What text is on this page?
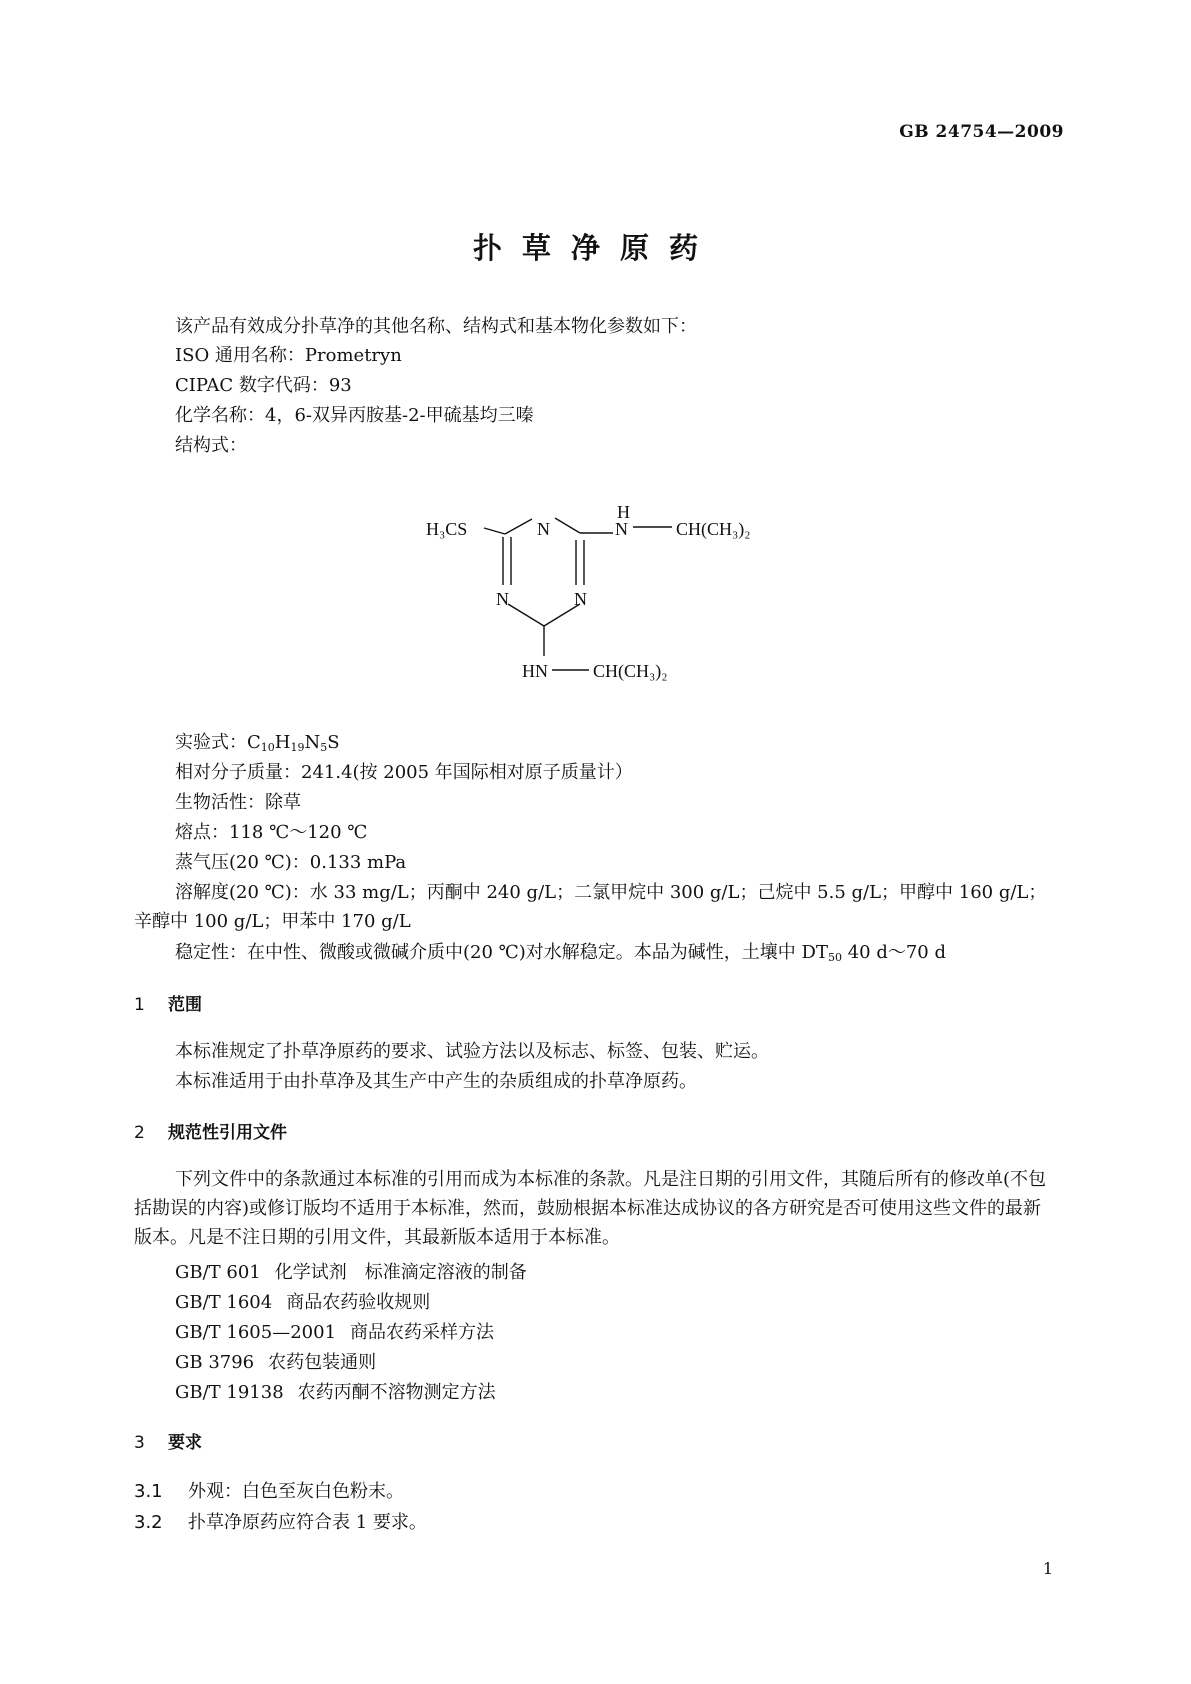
GB 24754—2009
扑草净原药
该产品有效成分扑草净的其他名称、结构式和基本物化参数如下：
ISO 通用名称：Prometryn
CIPAC 数字代码：93
化学名称：4，6-双异丙胺基-2-甲硫基均三嗪
结构式：
H₃CS	N
N	N
H
N	CH(CH₃)₂
HN	CH(CH₃)₂
实验式：$C_{10}H_{19}N_5S$
相对分子质量：241.4(按 2005 年国际相对原子质量计）
生物活性：除草
熔点：118 ℃～120 ℃
蒸气压(20 ℃)：0.133 mPa
溶解度(20 ℃)：水 33 mg/L；丙酮中 240 g/L；二氯甲烷中 300 g/L；己烷中 5.5 g/L；甲醇中 160 g/L；辛醇中 100 g/L；甲苯中 170 g/L
稳定性：在中性、微酸或微碱介质中(20 ℃)对水解稳定。本品为碱性，土壤中 $DT_{50}$ 40 d～70 d
1 范围
本标准规定了扑草净原药的要求、试验方法以及标志、标签、包装、贮运。
本标准适用于由扑草净及其生产中产生的杂质组成的扑草净原药。
2 规范性引用文件
下列文件中的条款通过本标准的引用而成为本标准的条款。凡是注日期的引用文件，其随后所有的修改单(不包括勘误的内容)或修订版均不适用于本标准，然而，鼓励根据本标准达成协议的各方研究是否可使用这些文件的最新版本。凡是不注日期的引用文件，其最新版本适用于本标准。
GB/T 601 化学试剂　标准滴定溶液的制备
GB/T 1604 商品农药验收规则
GB/T 1605—2001 商品农药采样方法
GB 3796 农药包装通则
GB/T 19138 农药丙酮不溶物测定方法
3 要求
3.1 外观：白色至灰白色粉末。
3.2 扑草净原药应符合表 1 要求。
1
